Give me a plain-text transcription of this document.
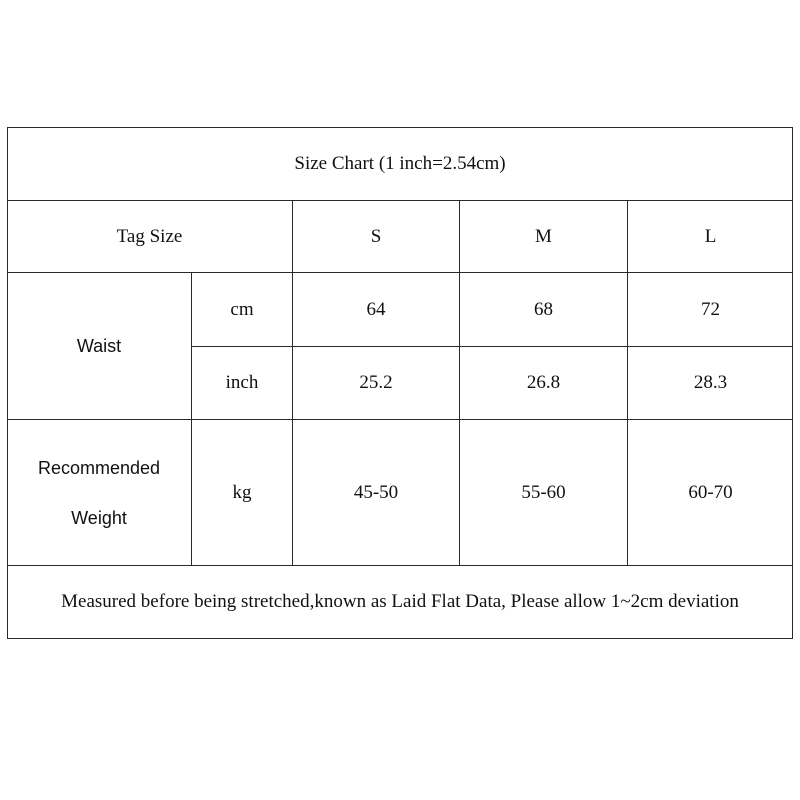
Size Chart (1 inch=2.54cm)
Tag Size	S	M	L
Waist
cm	64	68	72
inch	25.2	26.8	28.3
Recommended
Weight
kg	45-50	55-60	60-70
Measured before being stretched,known as Laid Flat Data, Please allow 1~2cm deviation
